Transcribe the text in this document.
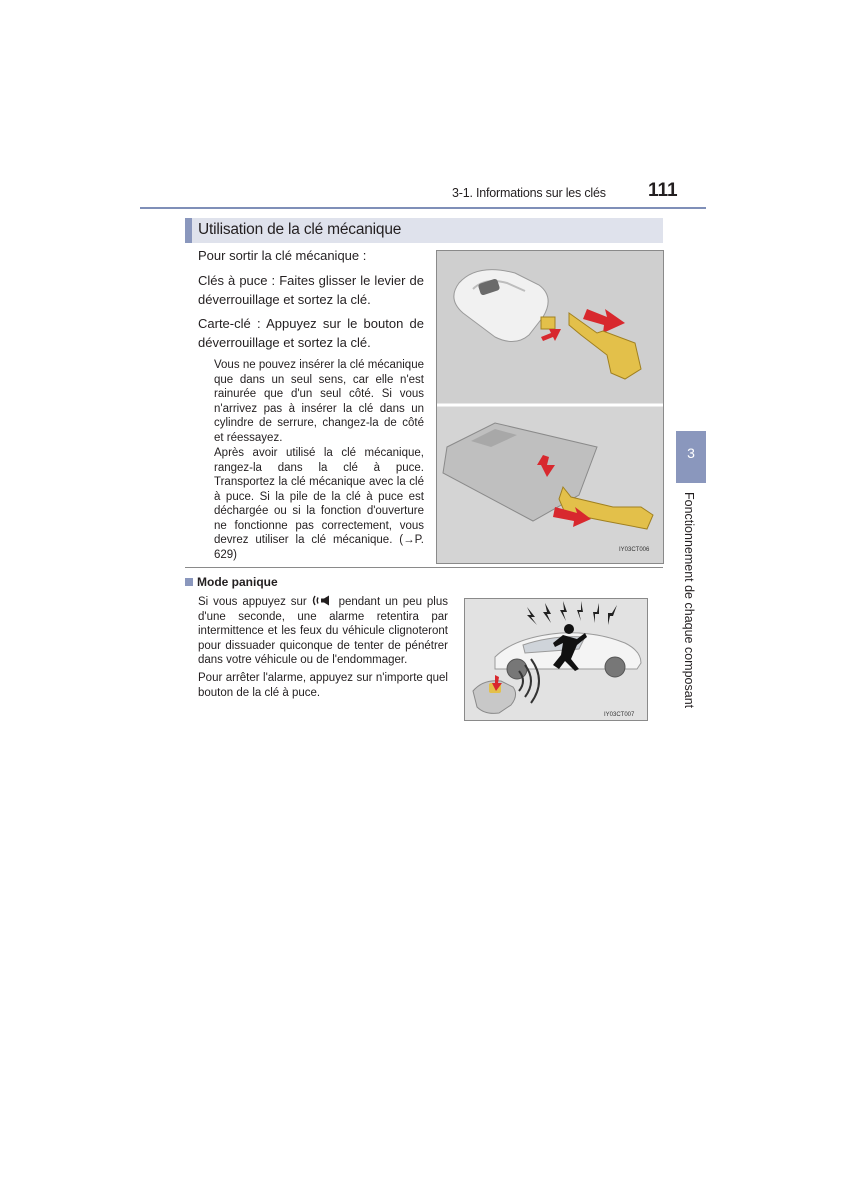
3-1. Informations sur les clés 111
Utilisation de la clé mécanique

Pour sortir la clé mécanique :

Clés à puce : Faites glisser le levier de déverrouillage et sortez la clé.

Carte-clé : Appuyez sur le bouton de déverrouillage et sortez la clé.

Vous ne pouvez insérer la clé mécanique que dans un seul sens, car elle n'est rainurée que d'un seul côté. Si vous n'arrivez pas à insérer la clé dans un cylindre de serrure, changez-la de côté et réessayez.

Après avoir utilisé la clé mécanique, rangez-la dans la clé à puce. Transportez la clé mécanique avec la clé à puce. Si la pile de la clé à puce est déchargée ou si la fonction d'ouverture ne fonctionne pas correctement, vous devrez utiliser la clé mécanique. (→P. 629)	IY03CT006
Mode panique

Si vous appuyez sur	pendant un peu plus d'une seconde, une alarme retentira par intermittence et les feux du véhicule clignoteront pour dissuader quiconque de tenter de pénétrer dans votre véhicule ou de l'endommager.

Pour arrêter l'alarme, appuyez sur n'importe quel bouton de la clé à puce.

IY03CT007
3
Fonctionnement de chaque composant
